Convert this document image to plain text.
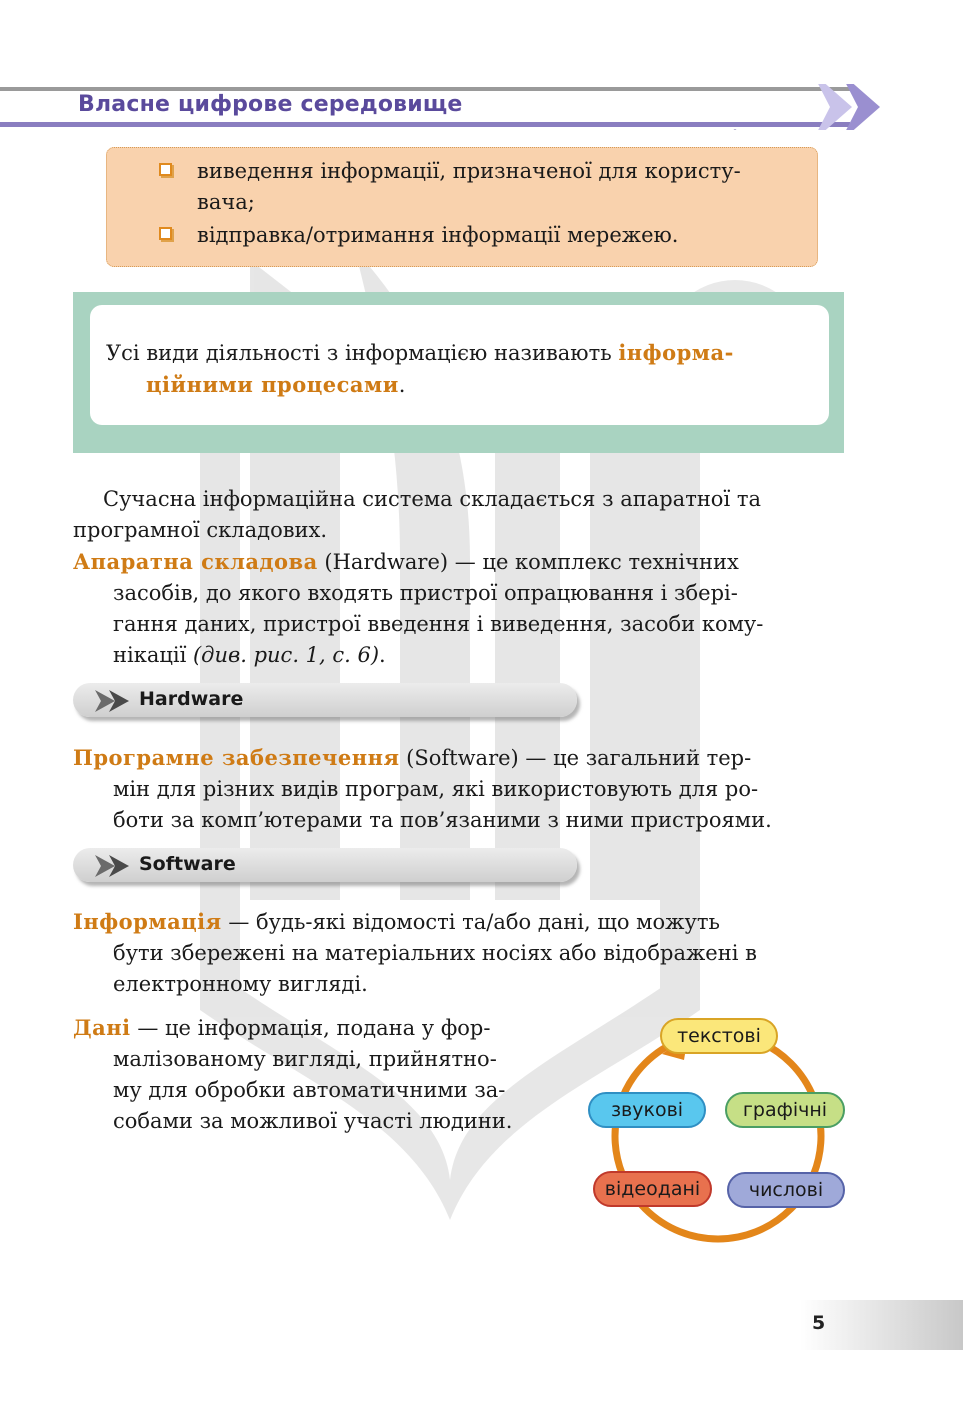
Власне цифрове середовище
виведення інформації, призначеної для користу-
вача;
відправка/отримання інформації мережею.
Усі види діяльності з інформацією називають інформа-
ційними процесами.
Сучасна інформаційна система складається з апаратної та
програмної складових.
Апаратна складова (Hardware) — це комплекс технічних

засобів, до якого входять пристрої опрацювання і збері-
гання даних, пристрої введення і виведення, засоби кому-
нікації (див. рис. 1, с. 6).
Hardware
Програмне забезпечення (Software) — це загальний тер-

мін для різних видів програм, які використовують для ро-
боти за комп’ютерами та пов’язаними з ними пристроями.
Software
Інформація — будь-які відомості та/або дані, що можуть

бути збережені на матеріальних носіях або відображені в
електронному вигляді.
Дані — це інформація, подана у фор-

малізованому вигляді, прийнятно-
му для обробки автоматичними за-
собами за можливої участі людини.
текстові
графічні
числові
відеодані
звукові
5
